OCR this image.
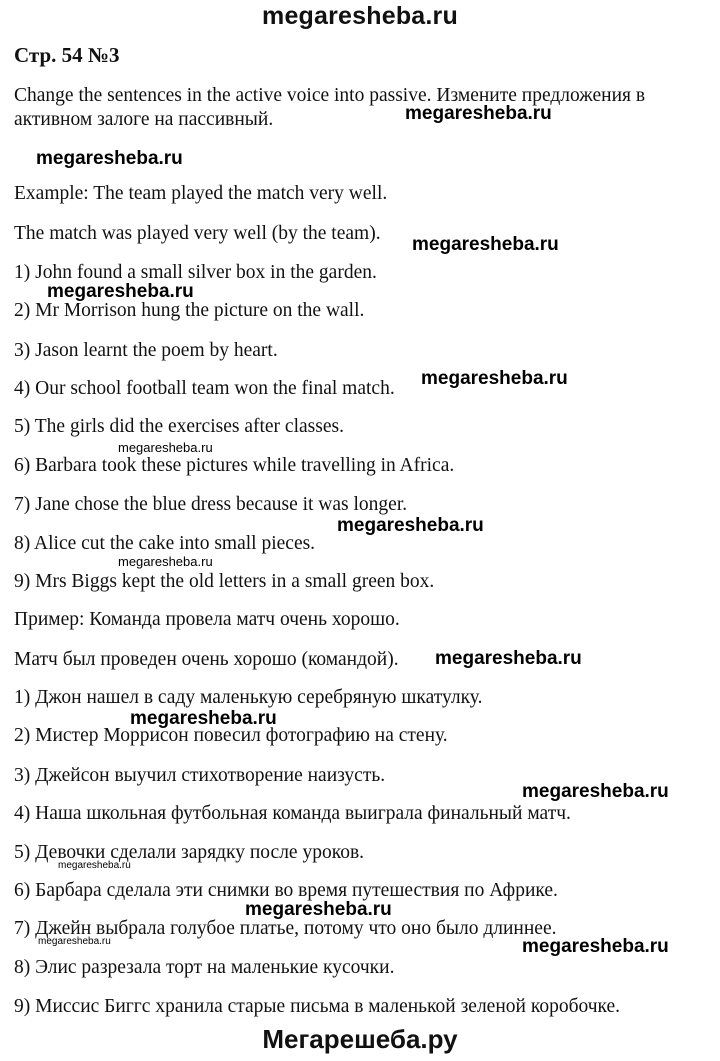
megaresheba.ru
Стр. 54 №3
Change the sentences in the active voice into passive. Измените предложения в
активном залоге на пассивный.
Example: The team played the match very well.
The match was played very well (by the team).
1) John found a small silver box in the garden.
2) Mr Morrison hung the picture on the wall.
3) Jason learnt the poem by heart.
4) Our school football team won the final match.
5) The girls did the exercises after classes.
6) Barbara took these pictures while travelling in Africa.
7) Jane chose the blue dress because it was longer.
8) Alice cut the cake into small pieces.
9) Mrs Biggs kept the old letters in a small green box.
Пример: Команда провела матч очень хорошо.
Матч был проведен очень хорошо (командой).
1) Джон нашел в саду маленькую серебряную шкатулку.
2) Мистер Моррисон повесил фотографию на стену.
3) Джейсон выучил стихотворение наизусть.
4) Наша школьная футбольная команда выиграла финальный матч.
5) Девочки сделали зарядку после уроков.
6) Барбара сделала эти снимки во время путешествия по Африке.
7) Джейн выбрала голубое платье, потому что оно было длиннее.
8) Элис разрезала торт на маленькие кусочки.
9) Миссис Биггс хранила старые письма в маленькой зеленой коробочке.
megaresheba.ru
megaresheba.ru
megaresheba.ru
megaresheba.ru
megaresheba.ru
megaresheba.ru
megaresheba.ru
megaresheba.ru
megaresheba.ru
megaresheba.ru
megaresheba.ru
megaresheba.ru
megaresheba.ru
megaresheba.ru	megaresheba.ru
Мегарешеба.ру
